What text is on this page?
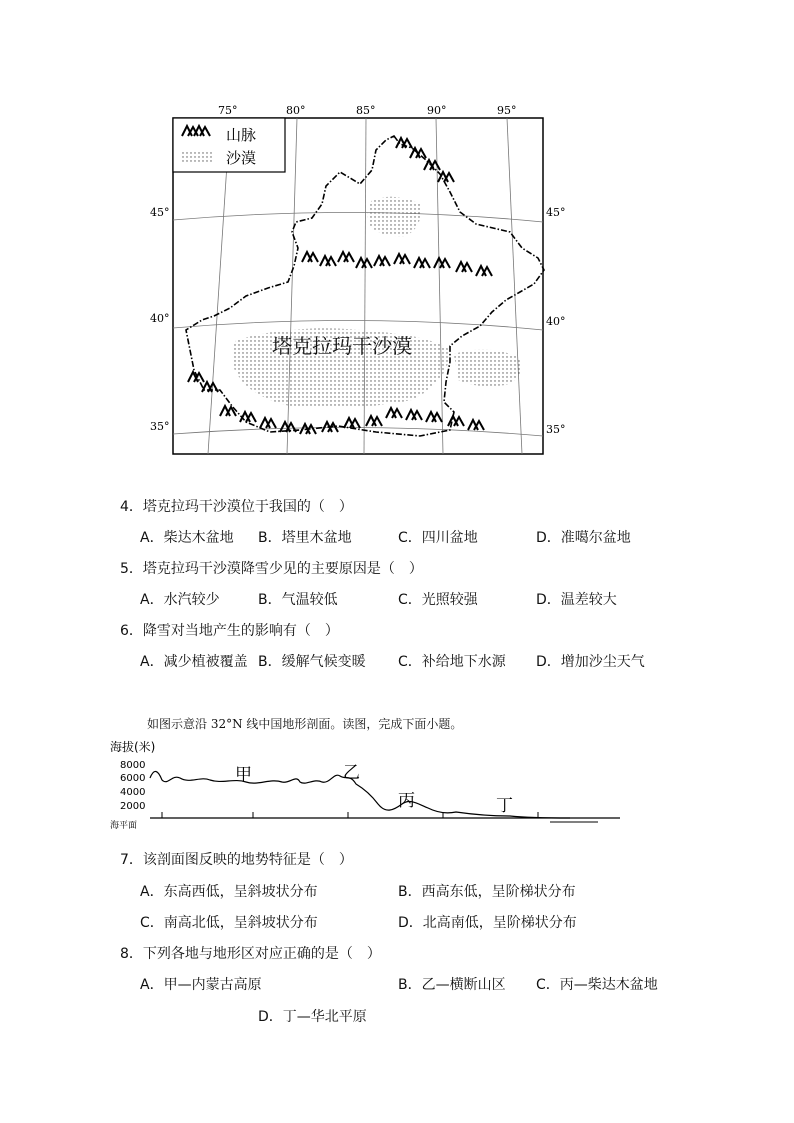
75°	80°	85°	90°	95°
45°
40°
35°
45°
40°
35°
塔克拉玛干沙漠
山脉
沙漠
4．塔克拉玛干沙漠位于我国的（　）
A．柴达木盆地 B．塔里木盆地	C．四川盆地	D．准噶尔盆地
5．塔克拉玛干沙漠降雪少见的主要原因是（　）
A．水汽较少	B．气温较低	C．光照较强	D．温差较大
6．降雪对当地产生的影响有（　）
A．减少植被覆盖 B．缓解气候变暖 C．补给地下水源 D．增加沙尘天气
如图示意沿 32°N 线中国地形剖面。读图，完成下面小题。
海拔(米)
8000
6000
4000
2000
海平面
甲	乙
丙	丁
7．该剖面图反映的地势特征是（　）
A．东高西低，呈斜坡状分布	B．西高东低，呈阶梯状分布
C．南高北低，呈斜坡状分布	D．北高南低，呈阶梯状分布
8．下列各地与地形区对应正确的是（　）
A．甲—内蒙古高原	B．乙—横断山区 C．丙—柴达木盆地
D．丁—华北平原
